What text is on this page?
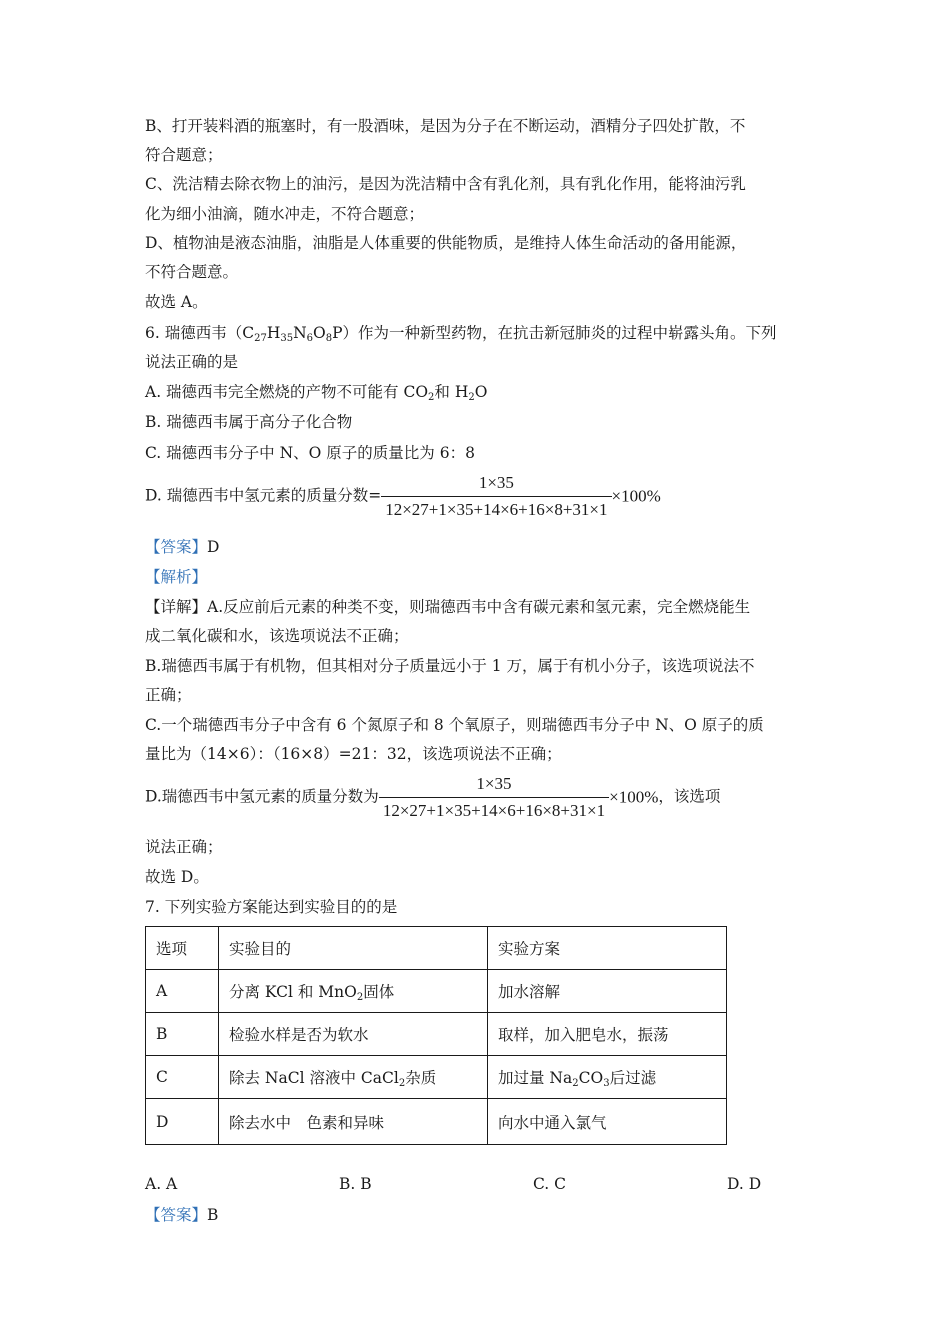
B、打开装料酒的瓶塞时，有一股酒味，是因为分子在不断运动，酒精分子四处扩散，不
符合题意；
C、洗洁精去除衣物上的油污，是因为洗洁精中含有乳化剂，具有乳化作用，能将油污乳
化为细小油滴，随水冲走，不符合题意；
D、植物油是液态油脂，油脂是人体重要的供能物质，是维持人体生命活动的备用能源，
不符合题意。
故选 A。
6. 瑞德西韦$(C_{27}H_{35}N_6O_8P)$作为一种新型药物，在抗击新冠肺炎的过程中崭露头角。下列
说法正确的是
A. 瑞德西韦完全燃烧的产物不可能有 $CO_2$和 $H_2O$
B. 瑞德西韦属于高分子化合物
C. 瑞德西韦分子中 N、O 原子的质量比为 6：8
D. 瑞德西韦中氢元素的质量分数= $\frac{1\times 35}{12\times 27+1\times 35+14\times 6+16\times 8+31\times 1} \times 100\%$
【答案】D
【解析】
【详解】A.反应前后元素的种类不变，则瑞德西韦中含有碳元素和氢元素，完全燃烧能生
成二氧化碳和水，该选项说法不正确；
B.瑞德西韦属于有机物，但其相对分子质量远小于 1 万，属于有机小分子，该选项说法不
正确；
C.一个瑞德西韦分子中含有 6 个氮原子和 8 个氧原子，则瑞德西韦分子中 N、O 原子的质
量比为（14×6）：（16×8）=21：32，该选项说法不正确；
D.瑞德西韦中氢元素的质量分数为 $\frac{1\times 35}{12\times 27+1\times 35+14\times 6+16\times 8+31\times 1} \times 100\%$，该选项
说法正确；
故选 D。
7. 下列实验方案能达到实验目的的是
选项	实验目的	实验方案
A	分离 KCl 和 MnO$_2$固体	加水溶解
B	检验水样是否为软水	取样，加入肥皂水，振荡
C	除去 NaCl 溶液中 CaCl$_2$杂质	加过量 $Na_2CO_3$后过滤
D	除去水中　色素和异味	向水中通入氯气
A. A	B. B	C. C	D. D
【答案】B
